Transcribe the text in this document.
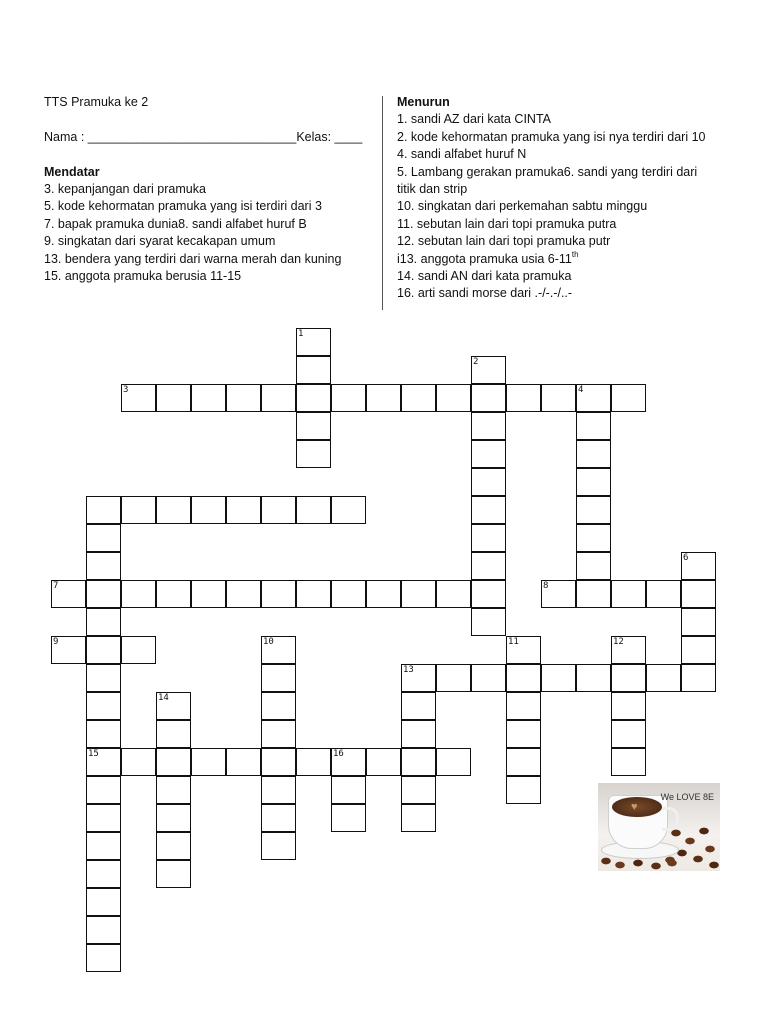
TTS Pramuka ke 2
Nama : ______________________________Kelas: ____
Mendatar
3. kepanjangan dari pramuka
5. kode kehormatan pramuka yang isi terdiri dari 3
7. bapak pramuka dunia8. sandi alfabet huruf B
9. singkatan dari syarat kecakapan umum
13. bendera yang terdiri dari warna merah dan kuning
15. anggota pramuka berusia 11-15
Menurun
1. sandi AZ dari kata CINTA
2. kode kehormatan pramuka yang isi nya terdiri dari 10
4. sandi alfabet huruf N
5. Lambang gerakan pramuka6. sandi yang terdiri dari
titik dan strip
10. singkatan dari perkemahan sabtu minggu
11. sebutan lain dari topi pramuka putra
12. sebutan lain dari topi pramuka putr
i13. anggota pramuka usia 6-11th
14. sandi AN dari kata pramuka
16. arti sandi morse dari .-/-.-/..-
1
2
3	4
15
6
7	8
9	10	11	12
13
14
16
♥
We LOVE 8E
